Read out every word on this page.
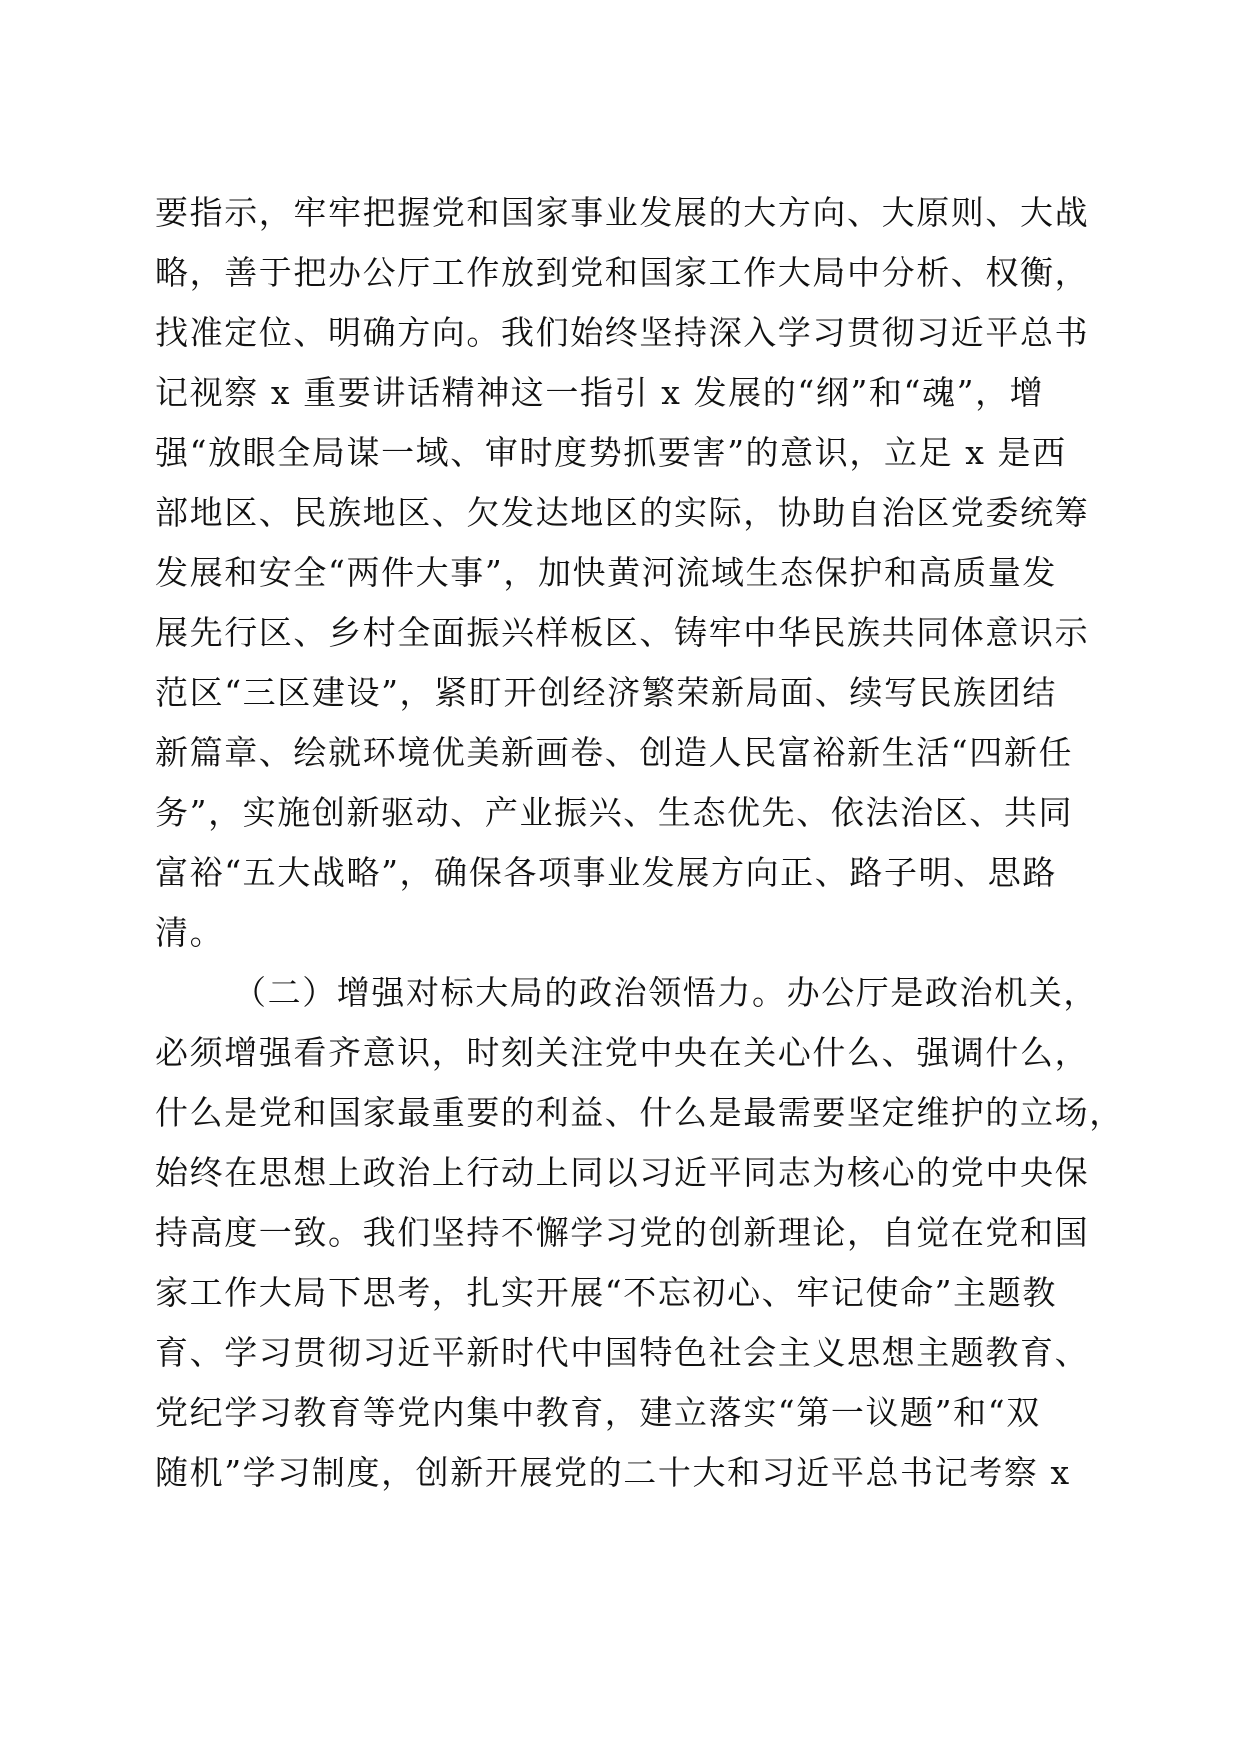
要指示，牢牢把握党和国家事业发展的大方向、大原则、大战
略，善于把办公厅工作放到党和国家工作大局中分析、权衡，
找准定位、明确方向。我们始终坚持深入学习贯彻习近平总书
记视察 x 重要讲话精神这一指引 x 发展的“纲”和“魂”，增
强“放眼全局谋一域、审时度势抓要害”的意识，立足 x 是西
部地区、民族地区、欠发达地区的实际，协助自治区党委统筹
发展和安全“两件大事”，加快黄河流域生态保护和高质量发
展先行区、乡村全面振兴样板区、铸牢中华民族共同体意识示
范区“三区建设”，紧盯开创经济繁荣新局面、续写民族团结
新篇章、绘就环境优美新画卷、创造人民富裕新生活“四新任
务”，实施创新驱动、产业振兴、生态优先、依法治区、共同
富裕“五大战略”，确保各项事业发展方向正、路子明、思路
清。
（二）增强对标大局的政治领悟力。办公厅是政治机关，
必须增强看齐意识，时刻关注党中央在关心什么、强调什么，
什么是党和国家最重要的利益、什么是最需要坚定维护的立场，
始终在思想上政治上行动上同以习近平同志为核心的党中央保
持高度一致。我们坚持不懈学习党的创新理论，自觉在党和国
家工作大局下思考，扎实开展“不忘初心、牢记使命”主题教
育、学习贯彻习近平新时代中国特色社会主义思想主题教育、
党纪学习教育等党内集中教育，建立落实“第一议题”和“双
随机”学习制度，创新开展党的二十大和习近平总书记考察 x
